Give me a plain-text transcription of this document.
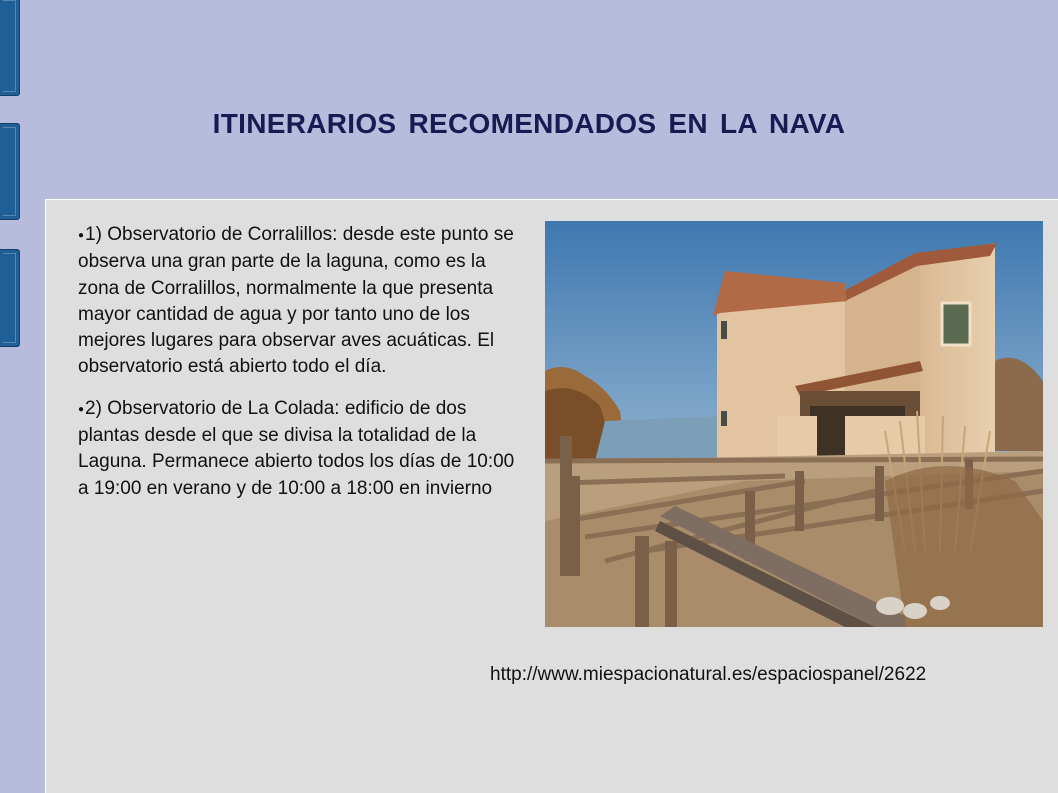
ITINERARIOS RECOMENDADOS EN LA NAVA
●1) Observatorio de Corralillos: desde este punto se observa una gran parte de la laguna, como es la zona de Corralillos, normalmente la que presenta mayor cantidad de agua y por tanto uno de los mejores lugares para observar aves acuáticas. El observatorio está abierto todo el día.
●2) Observatorio de La Colada: edificio de dos plantas desde el que se divisa la totalidad de la Laguna. Permanece abierto todos los días de 10:00 a 19:00 en verano y de 10:00 a 18:00 en invierno
http://www.miespacionatural.es/espaciospanel/2622
